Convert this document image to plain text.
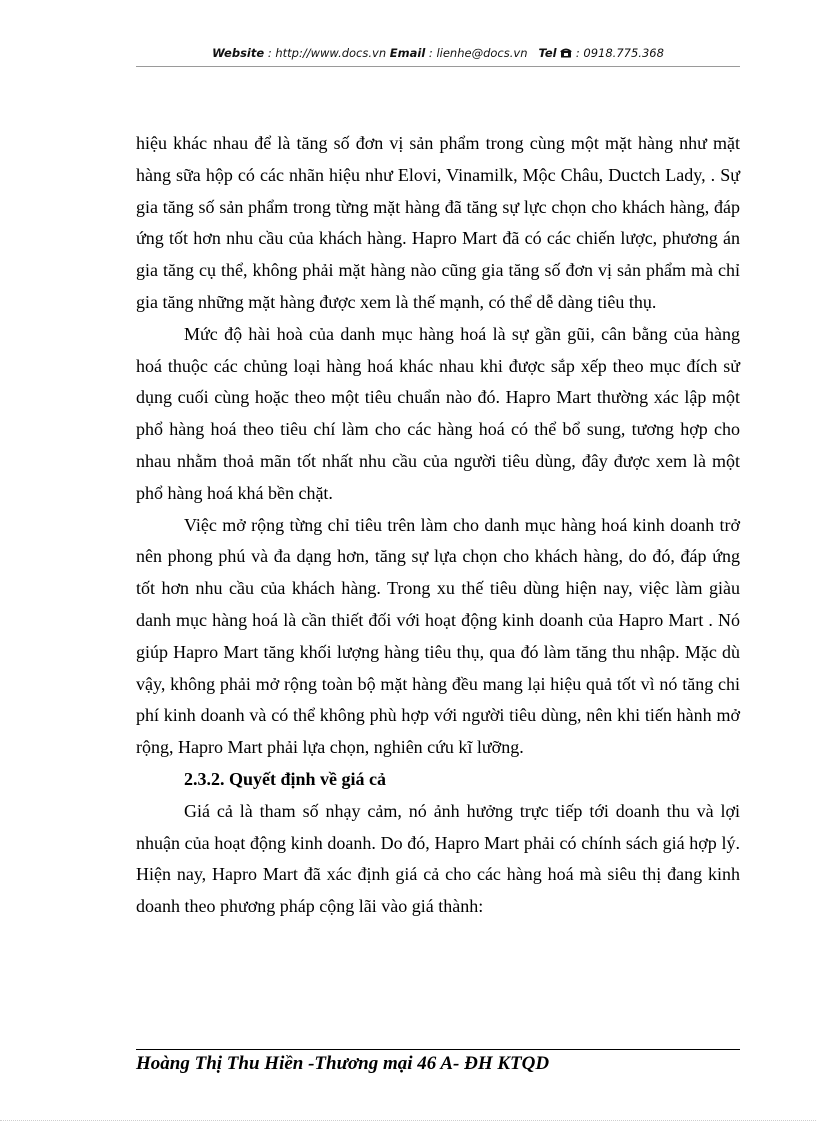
Website : http://www.docs.vn Email : lienhe@docs.vn Tel : 0918.775.368

hiệu khác nhau để là tăng số đơn vị sản phẩm trong cùng một mặt hàng như mặt hàng sữa hộp có các nhãn hiệu như Elovi, Vinamilk, Mộc Châu, Ductch Lady, . Sự gia tăng số sản phẩm trong từng mặt hàng đã tăng sự lực chọn cho khách hàng, đáp ứng tốt hơn nhu cầu của khách hàng. Hapro Mart đã có các chiến lược, phương án gia tăng cụ thể, không phải mặt hàng nào cũng gia tăng số đơn vị sản phẩm mà chỉ gia tăng những mặt hàng được xem là thế mạnh, có thể dễ dàng tiêu thụ.

Mức độ hài hoà của danh mục hàng hoá là sự gần gũi, cân bằng của hàng hoá thuộc các chủng loại hàng hoá khác nhau khi được sắp xếp theo mục đích sử dụng cuối cùng hoặc theo một tiêu chuẩn nào đó. Hapro Mart thường xác lập một phổ hàng hoá theo tiêu chí làm cho các hàng hoá có thể bổ sung, tương hợp cho nhau nhằm thoả mãn tốt nhất nhu cầu của người tiêu dùng, đây được xem là một phổ hàng hoá khá bền chặt.

Việc mở rộng từng chỉ tiêu trên làm cho danh mục hàng hoá kinh doanh trở nên phong phú và đa dạng hơn, tăng sự lựa chọn cho khách hàng, do đó, đáp ứng tốt hơn nhu cầu của khách hàng. Trong xu thế tiêu dùng hiện nay, việc làm giàu danh mục hàng hoá là cần thiết đối với hoạt động kinh doanh của Hapro Mart . Nó giúp Hapro Mart tăng khối lượng hàng tiêu thụ, qua đó làm tăng thu nhập. Mặc dù vậy, không phải mở rộng toàn bộ mặt hàng đều mang lại hiệu quả tốt vì nó tăng chi phí kinh doanh và có thể không phù hợp với người tiêu dùng, nên khi tiến hành mở rộng, Hapro Mart phải lựa chọn, nghiên cứu kĩ lưỡng.

2.3.2. Quyết định về giá cả

Giá cả là tham số nhạy cảm, nó ảnh hưởng trực tiếp tới doanh thu và lợi nhuận của hoạt động kinh doanh. Do đó, Hapro Mart phải có chính sách giá hợp lý. Hiện nay, Hapro Mart đã xác định giá cả cho các hàng hoá mà siêu thị đang kinh doanh theo phương pháp cộng lãi vào giá thành:

Hoàng Thị Thu Hiền -Thương mại 46 A- ĐH KTQD
